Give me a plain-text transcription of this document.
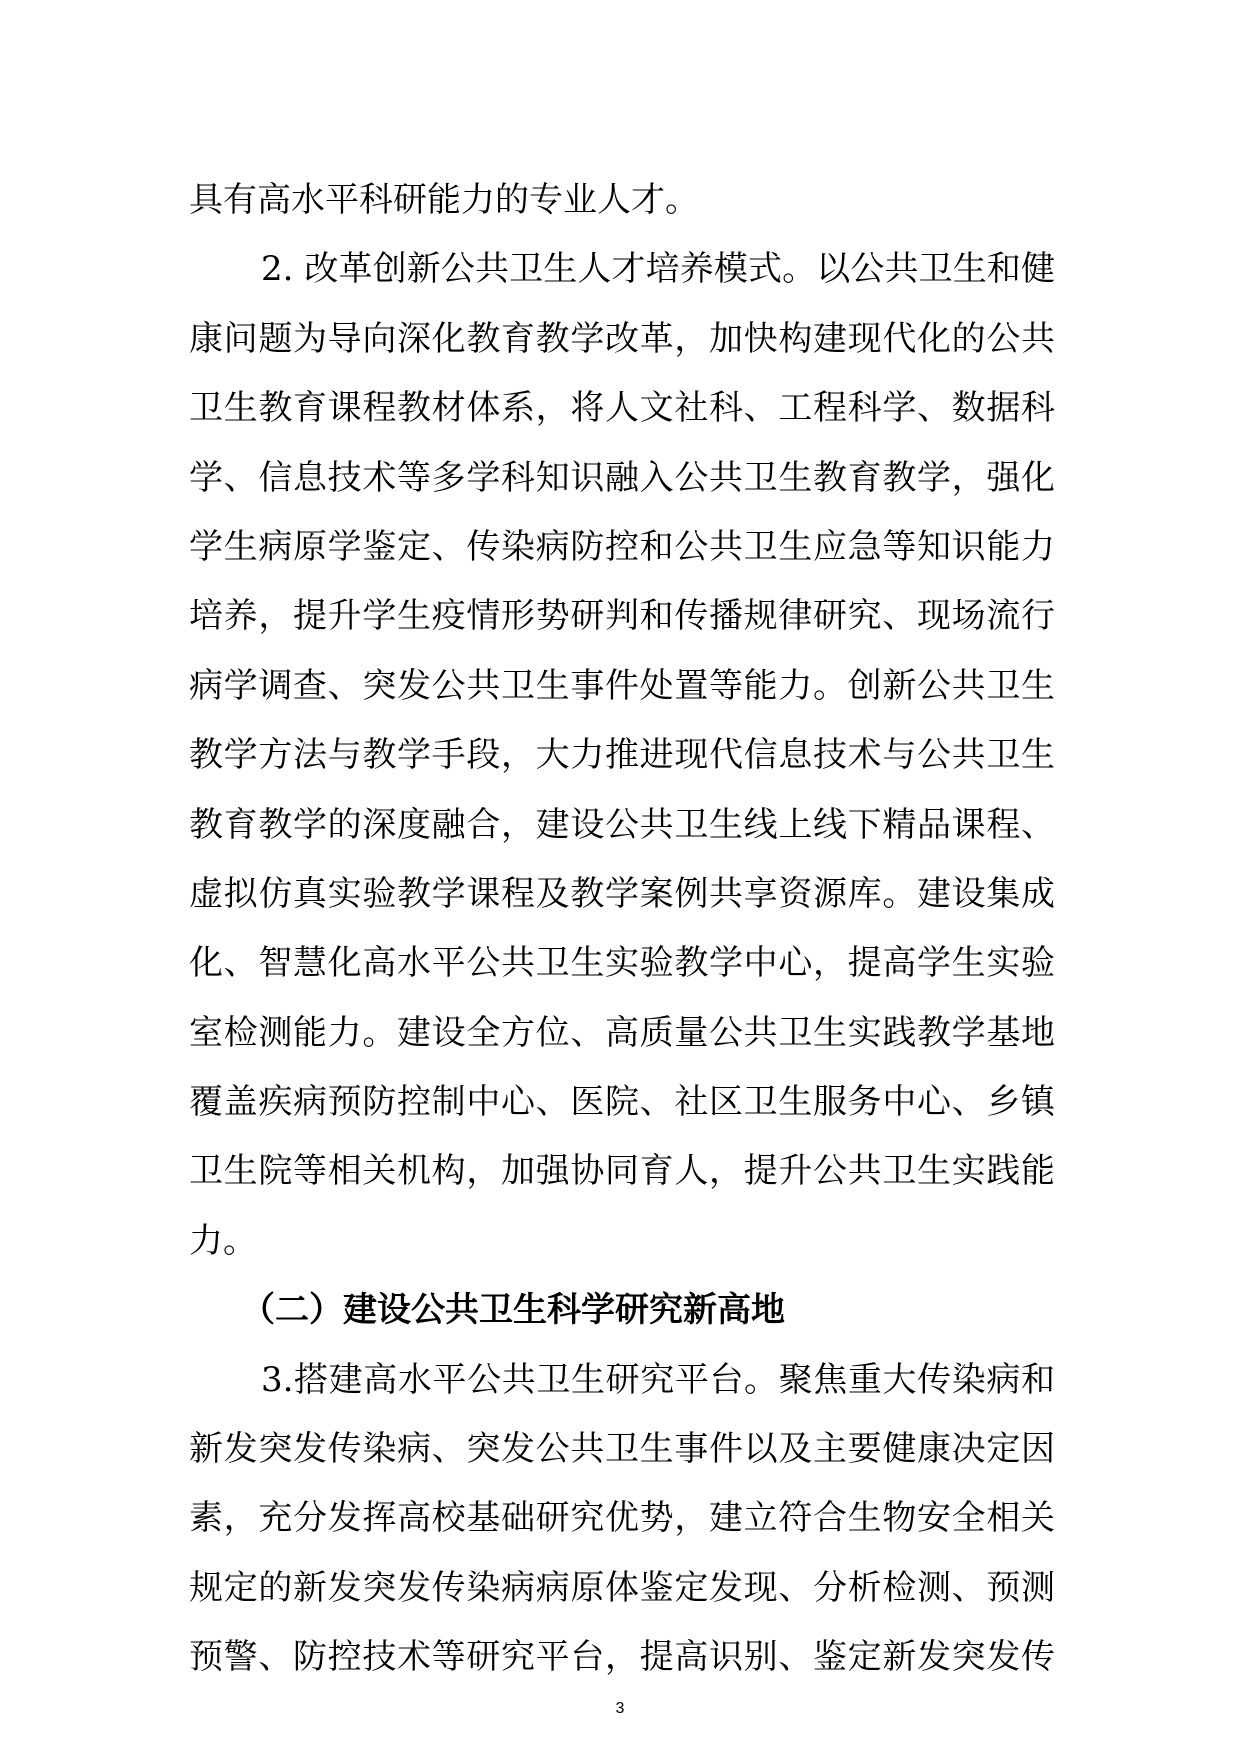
具有高水平科研能力的专业人才。
2. 改革创新公共卫生人才培养模式。以公共卫生和健
康问题为导向深化教育教学改革，加快构建现代化的公共
卫生教育课程教材体系，将人文社科、工程科学、数据科
学、信息技术等多学科知识融入公共卫生教育教学，强化
学生病原学鉴定、传染病防控和公共卫生应急等知识能力
培养，提升学生疫情形势研判和传播规律研究、现场流行
病学调查、突发公共卫生事件处置等能力。创新公共卫生
教学方法与教学手段，大力推进现代信息技术与公共卫生
教育教学的深度融合，建设公共卫生线上线下精品课程、
虚拟仿真实验教学课程及教学案例共享资源库。建设集成
化、智慧化高水平公共卫生实验教学中心，提高学生实验
室检测能力。建设全方位、高质量公共卫生实践教学基地
覆盖疾病预防控制中心、医院、社区卫生服务中心、乡镇
卫生院等相关机构，加强协同育人，提升公共卫生实践能
力。
（二）建设公共卫生科学研究新高地
3.搭建高水平公共卫生研究平台。聚焦重大传染病和
新发突发传染病、突发公共卫生事件以及主要健康决定因
素，充分发挥高校基础研究优势，建立符合生物安全相关
规定的新发突发传染病病原体鉴定发现、分析检测、预测
预警、防控技术等研究平台，提高识别、鉴定新发突发传
3
